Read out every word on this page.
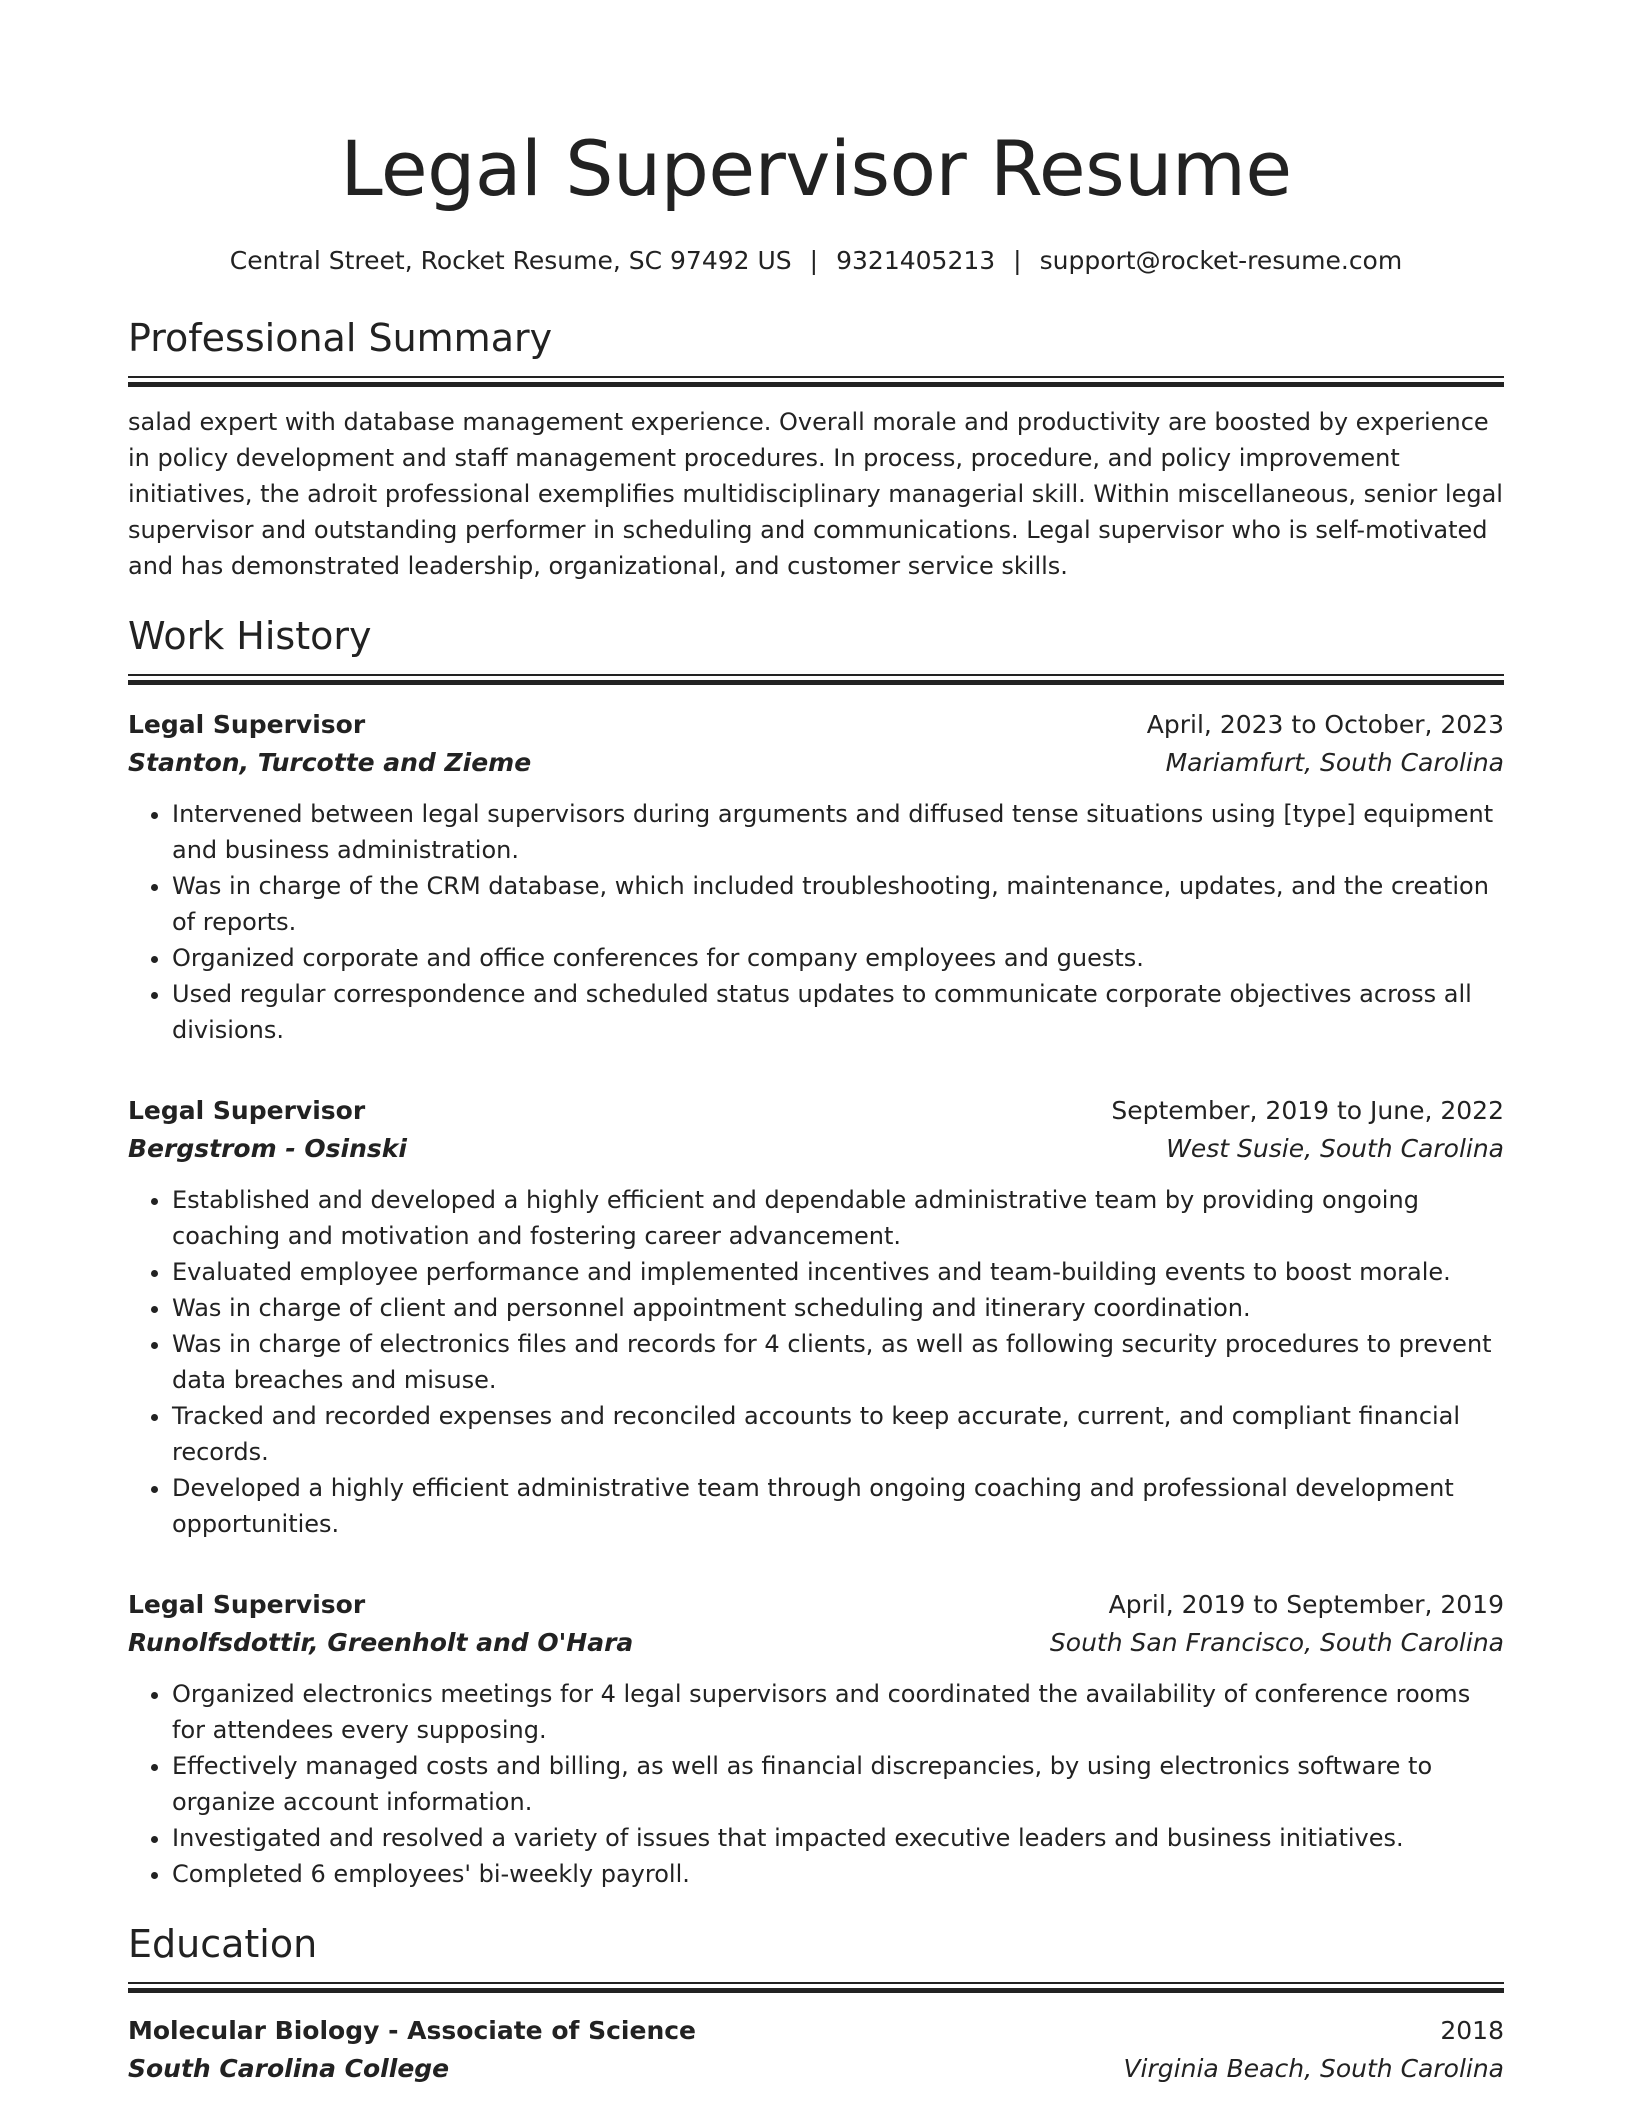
Legal Supervisor Resume
Central Street, Rocket Resume, SC 97492 US | 9321405213 | support@rocket-resume.com
Professional Summary

salad expert with database management experience. Overall morale and productivity are boosted by experience in policy development and staff management procedures. In process, procedure, and policy improvement initiatives, the adroit professional exemplifies multidisciplinary managerial skill. Within miscellaneous, senior legal supervisor and outstanding performer in scheduling and communications. Legal supervisor who is self-motivated and has demonstrated leadership, organizational, and customer service skills.

Work History
Legal Supervisor	April, 2023 to October, 2023
Stanton, Turcotte and Zieme	Mariamfurt, South Carolina
• Intervened between legal supervisors during arguments and diffused tense situations using [type] equipment and business administration.
• Was in charge of the CRM database, which included troubleshooting, maintenance, updates, and the creation of reports.
• Organized corporate and office conferences for company employees and guests.
• Used regular correspondence and scheduled status updates to communicate corporate objectives across all divisions.
Legal Supervisor	September, 2019 to June, 2022
Bergstrom - Osinski	West Susie, South Carolina
• Established and developed a highly efficient and dependable administrative team by providing ongoing coaching and motivation and fostering career advancement.
• Evaluated employee performance and implemented incentives and team-building events to boost morale.
• Was in charge of client and personnel appointment scheduling and itinerary coordination.
• Was in charge of electronics files and records for 4 clients, as well as following security procedures to prevent data breaches and misuse.
• Tracked and recorded expenses and reconciled accounts to keep accurate, current, and compliant financial records.
• Developed a highly efficient administrative team through ongoing coaching and professional development opportunities.
Legal Supervisor	April, 2019 to September, 2019
Runolfsdottir, Greenholt and O'Hara	South San Francisco, South Carolina
• Organized electronics meetings for 4 legal supervisors and coordinated the availability of conference rooms for attendees every supposing.
• Effectively managed costs and billing, as well as financial discrepancies, by using electronics software to organize account information.
• Investigated and resolved a variety of issues that impacted executive leaders and business initiatives.
• Completed 6 employees' bi-weekly payroll.
Education
Molecular Biology - Associate of Science	2018
South Carolina College	Virginia Beach, South Carolina
